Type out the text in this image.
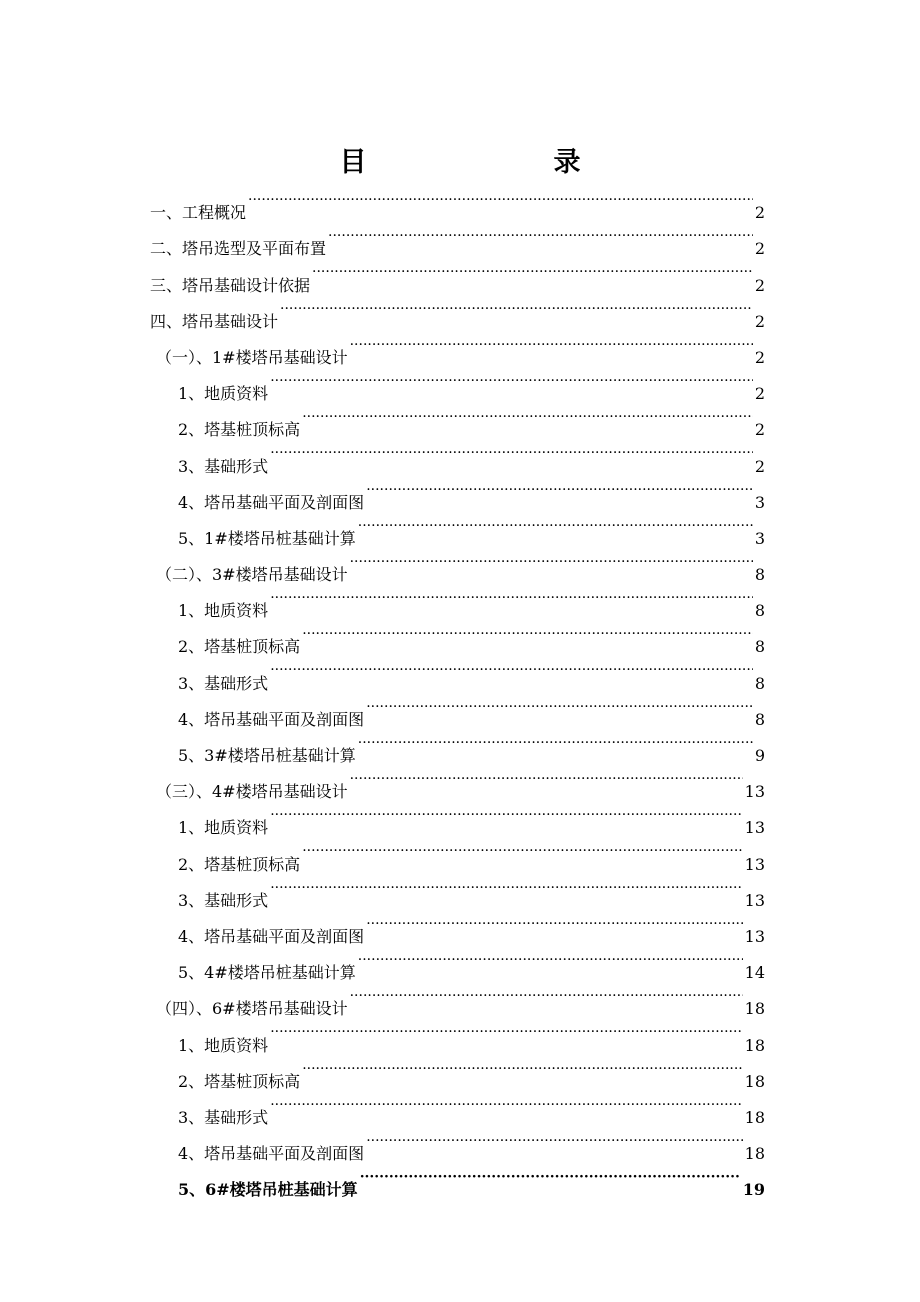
目　录
一、工程概况 ·····	2
二、塔吊选型及平面布置 ·····	2
三、塔吊基础设计依据 ·····	2
四、塔吊基础设计 ·····	2
（一）、1#楼塔吊基础设计 ·····	2
1、地质资料 ·····	2
2、塔基桩顶标高 ·····	2
3、基础形式 ·····	2
4、塔吊基础平面及剖面图 ·····	3
5、1#楼塔吊桩基础计算 ·····	3
（二）、3#楼塔吊基础设计 ·····	8
1、地质资料 ·····	8
2、塔基桩顶标高 ·····	8
3、基础形式 ·····	8
4、塔吊基础平面及剖面图 ·····	8
5、3#楼塔吊桩基础计算 ·····	9
（三）、4#楼塔吊基础设计 ·····	13
1、地质资料 ·····	13
2、塔基桩顶标高 ·····	13
3、基础形式 ·····	13
4、塔吊基础平面及剖面图 ·····	13
5、4#楼塔吊桩基础计算 ·····	14
（四）、6#楼塔吊基础设计 ·····	18
1、地质资料 ·····	18
2、塔基桩顶标高 ·····	18
3、基础形式 ·····	18
4、塔吊基础平面及剖面图 ·····	18
5、6#楼塔吊桩基础计算 ·····	19
